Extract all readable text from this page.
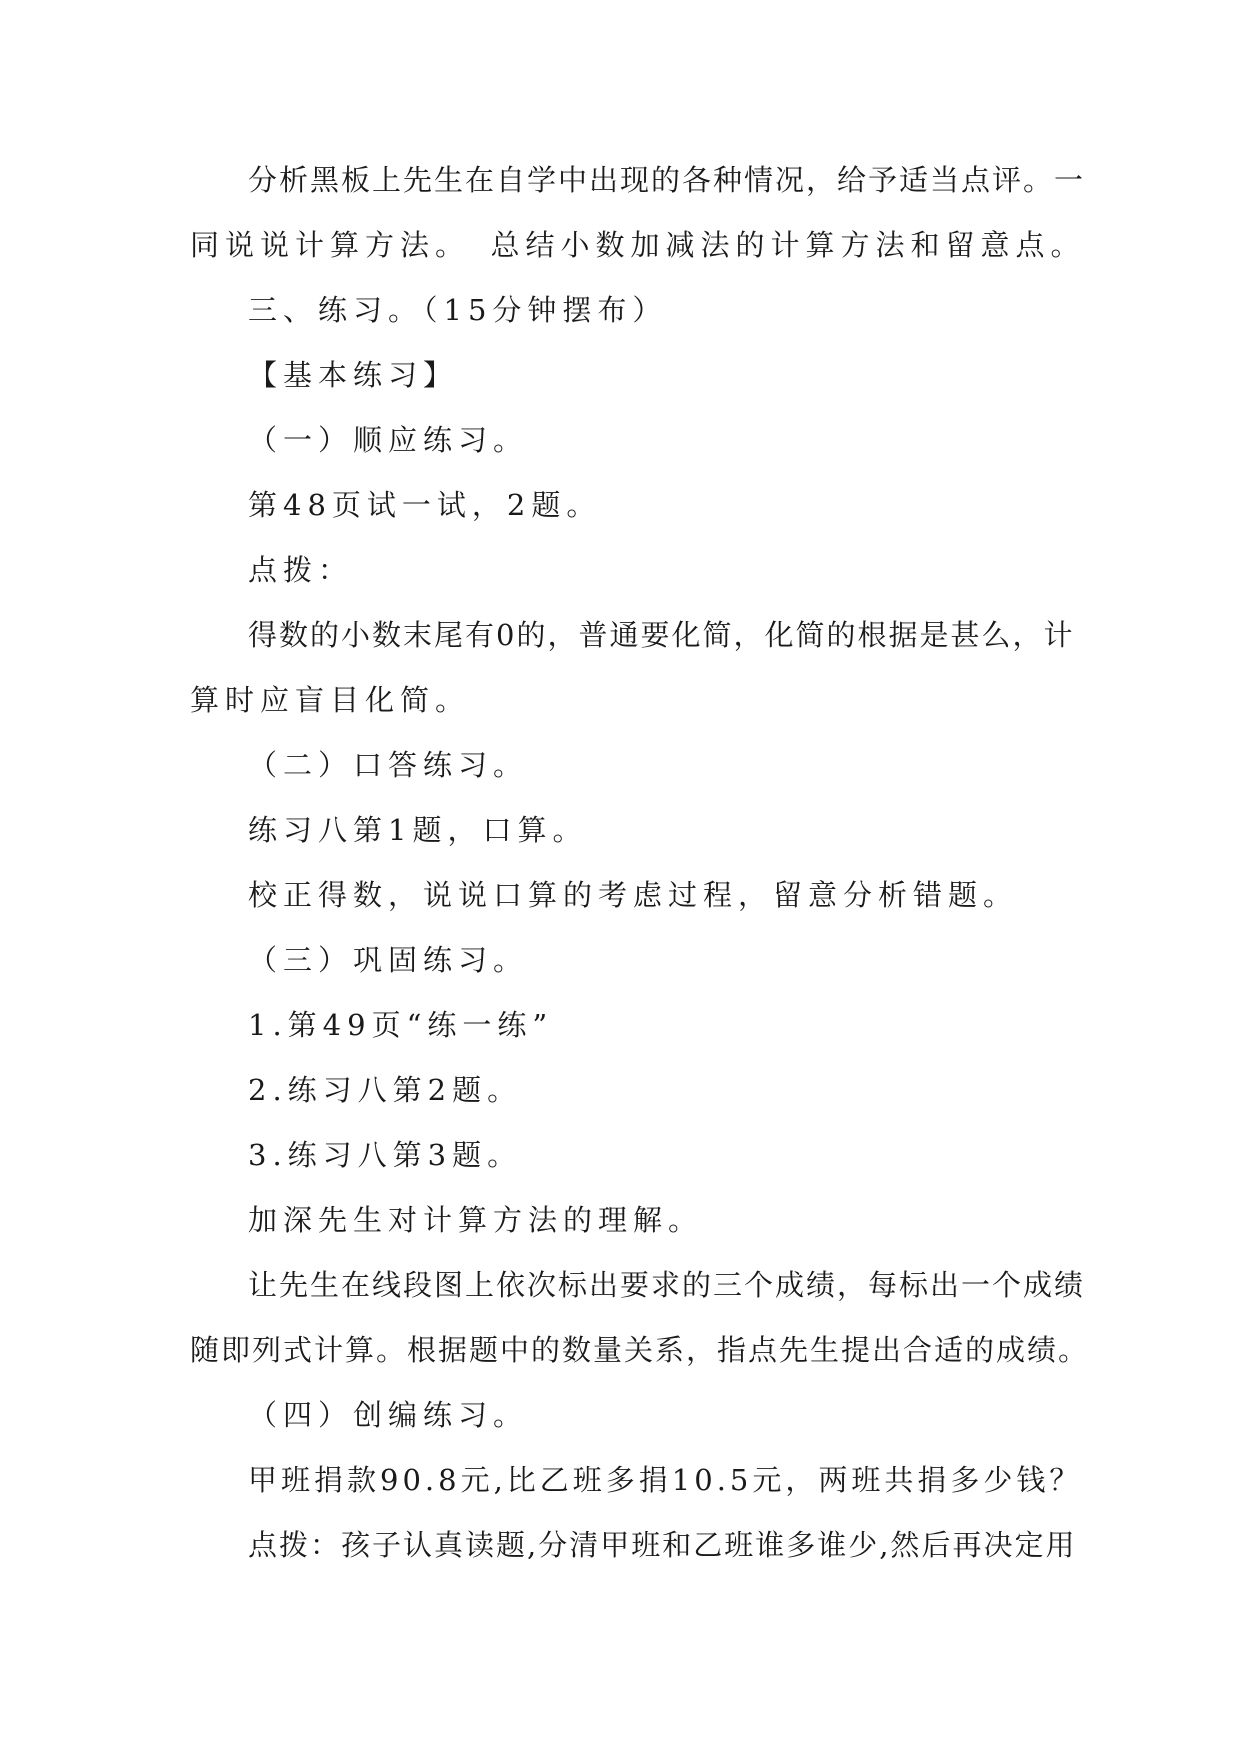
分析黑板上先生在自学中出现的各种情况，给予适当点评。一

同说说计算方法。　总结小数加减法的计算方法和留意点。

三、练习。（15分钟摆布）

【基本练习】

（一）顺应练习。

第48页试一试，2题。

点拨：

得数的小数末尾有0的，普通要化简，化简的根据是甚么，计

算时应盲目化简。

（二）口答练习。

练习八第1题，口算。

校正得数，说说口算的考虑过程，留意分析错题。

（三）巩固练习。

1.第49页“练一练”

2.练习八第2题。

3.练习八第3题。

加深先生对计算方法的理解。

让先生在线段图上依次标出要求的三个成绩，每标出一个成绩

随即列式计算。根据题中的数量关系，指点先生提出合适的成绩。

（四）创编练习。

甲班捐款90.8元,比乙班多捐10.5元，两班共捐多少钱？

点拨：孩子认真读题,分清甲班和乙班谁多谁少,然后再决定用
